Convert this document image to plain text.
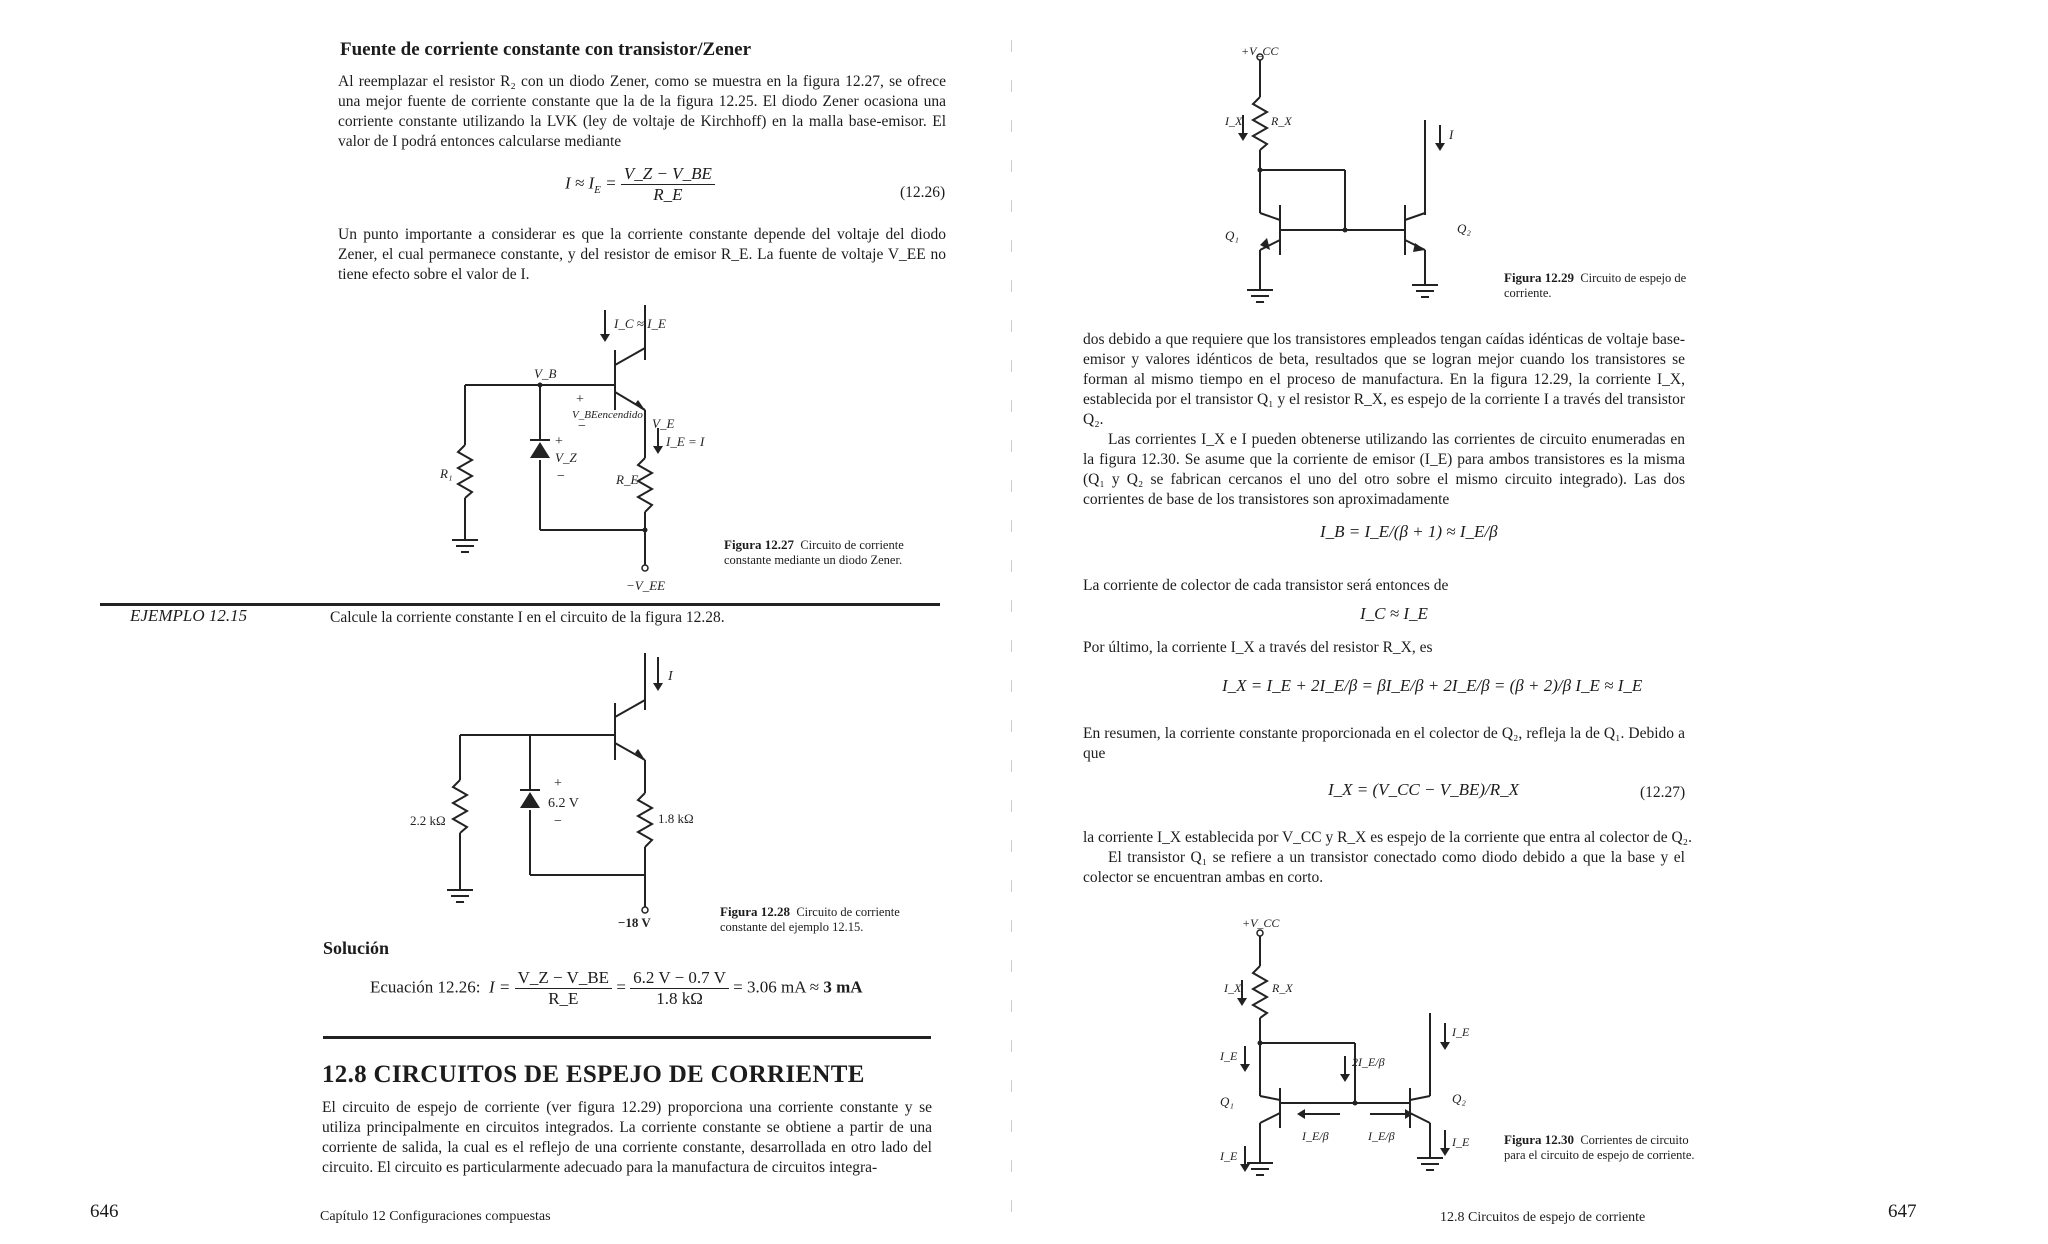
Fuente de corriente constante con transistor/Zener
Al reemplazar el resistor R₂ con un diodo Zener, como se muestra en la figura 12.27, se ofrece una mejor fuente de corriente constante que la de la figura 12.25. El diodo Zener ocasiona una corriente constante utilizando la LVK (ley de voltaje de Kirchhoff) en la malla base-emisor. El valor de I podrá entonces calcularse mediante
$I \approx I_E = \frac{V\_Z - V\_BE}{R\_E}$	(12.26)
Un punto importante a considerar es que la corriente constante depende del voltaje del diodo Zener, el cual permanece constante, y del resistor de emisor R_E. La fuente de voltaje V_EE no tiene efecto sobre el valor de I.
I_C ≈ I_E
V_B
+
V_BEencendido
−	V_E
I_E = I
+
V_Z
−
R₁	R_E
−V_EE
Figura 12.27 Circuito de corriente constante mediante un diodo Zener.
EJEMPLO 12.15	Calcule la corriente constante I en el circuito de la figura 12.28.
I
+
6.2 V
−
2.2 kΩ	1.8 kΩ
−18 V
Figura 12.28 Circuito de corriente constante del ejemplo 12.15.
Solución
Ecuación 12.26: $I = \frac{V\_Z - V\_BE}{R\_E} = \frac{6.2 V - 0.7 V}{1.8 k\Omega} = 3.06$ mA ≈ 3 mA
12.8 CIRCUITOS DE ESPEJO DE CORRIENTE
El circuito de espejo de corriente (ver figura 12.29) proporciona una corriente constante y se utiliza principalmente en circuitos integrados. La corriente constante se obtiene a partir de una corriente de salida, la cual es el reflejo de una corriente constante, desarrollada en otro lado del circuito. El circuito es particularmente adecuado para la manufactura de circuitos integra-
646	Capítulo 12 Configuraciones compuestas
+V_CC
I_X R_X
I
Q₁	Q₂
Figura 12.29 Circuito de espejo de corriente.
dos debido a que requiere que los transistores empleados tengan caídas idénticas de voltaje base-emisor y valores idénticos de beta, resultados que se logran mejor cuando los transistores se forman al mismo tiempo en el proceso de manufactura. En la figura 12.29, la corriente I_X, establecida por el transistor Q₁ y el resistor R_X, es espejo de la corriente I a través del transistor Q₂.
Las corrientes I_X e I pueden obtenerse utilizando las corrientes de circuito enumeradas en la figura 12.30. Se asume que la corriente de emisor (I_E) para ambos transistores es la misma (Q₁ y Q₂ se fabrican cercanos el uno del otro sobre el mismo circuito integrado). Las dos corrientes de base de los transistores son aproximadamente
I_B = I_E/(β + 1) ≈ I_E/β
La corriente de colector de cada transistor será entonces de
I_C ≈ I_E
Por último, la corriente I_X a través del resistor R_X, es
I_X = I_E + 2I_E/β = βI_E/β + 2I_E/β = (β + 2)/β I_E ≈ I_E
En resumen, la corriente constante proporcionada en el colector de Q₂, refleja la de Q₁. Debido a que
I_X = (V_CC − V_BE)/R_X	(12.27)
la corriente I_X establecida por V_CC y R_X es espejo de la corriente que entra al colector de Q₂.
El transistor Q₁ se refiere a un transistor conectado como diodo debido a que la base y el colector se encuentran ambas en corto.
+V_CC
I_X	R_X
I_E	2I_E/β
I_E
Q₁	Q₂
I_E/β	I_E/β
I_E
I_E	Figura 12.30 Corrientes de circuito para el circuito de espejo de corriente.
12.8 Circuitos de espejo de corriente	647
